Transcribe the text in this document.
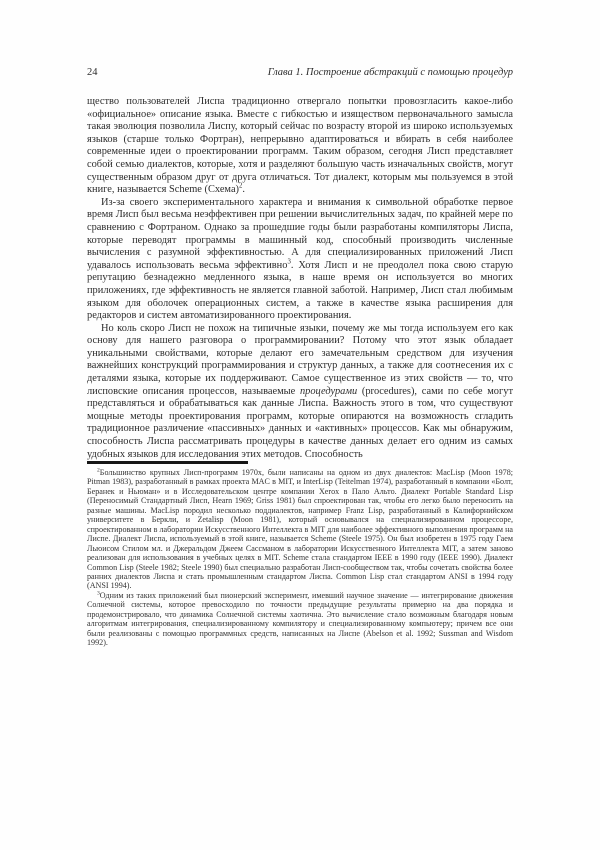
24	Глава 1. Построение абстракций с помощью процедур

щество пользователей Лиспа традиционно отвергало попытки провозгласить какое-либо «официальное» описание языка. Вместе с гибкостью и изяществом первоначального замысла такая эволюция позволила Лиспу, который сейчас по возрасту второй из широко используемых языков (старше только Фортран), непрерывно адаптироваться и вбирать в себя наиболее современные идеи о проектировании программ. Таким образом, сегодня Лисп представляет собой семью диалектов, которые, хотя и разделяют большую часть изначальных свойств, могут существенным образом друг от друга отличаться. Тот диалект, которым мы пользуемся в этой книге, называется Scheme (Схема)$^2$.

Из-за своего экспериментального характера и внимания к символьной обработке первое время Лисп был весьма неэффективен при решении вычислительных задач, по крайней мере по сравнению с Фортраном. Однако за прошедшие годы были разработаны компиляторы Лиспа, которые переводят программы в машинный код, способный производить численные вычисления с разумной эффективностью. А для специализированных приложений Лисп удавалось использовать весьма эффективно$^3$. Хотя Лисп и не преодолел пока свою старую репутацию безнадежно медленного языка, в наше время он используется во многих приложениях, где эффективность не является главной заботой. Например, Лисп стал любимым языком для оболочек операционных систем, а также в качестве языка расширения для редакторов и систем автоматизированного проектирования.

Но коль скоро Лисп не похож на типичные языки, почему же мы тогда используем его как основу для нашего разговора о программировании? Потому что этот язык обладает уникальными свойствами, которые делают его замечательным средством для изучения важнейших конструкций программирования и структур данных, а также для соотнесения их с деталями языка, которые их поддерживают. Самое существенное из этих свойств — то, что лисповские описания процессов, называемые процедурами (procedures), сами по себе могут представляться и обрабатываться как данные Лиспа. Важность этого в том, что существуют мощные методы проектирования программ, которые опираются на возможность сгладить традиционное различение «пассивных» данных и «активных» процессов. Как мы обнаружим, способность Лиспа рассматривать процедуры в качестве данных делает его одним из самых удобных языков для исследования этих методов. Способность

$^2$Большинство крупных Лисп-программ 1970х, были написаны на одном из двух диалектов: MacLisp (Moon 1978; Pitman 1983), разработанный в рамках проекта MAC в MIT, и InterLisp (Teitelman 1974), разработанный в компании «Болт, Беранек и Ньюман» и в Исследовательском центре компании Xerox в Пало Альто. Диалект Portable Standard Lisp (Переносимый Стандартный Лисп, Hearn 1969; Griss 1981) был спроектирован так, чтобы его легко было переносить на разные машины. MacLisp породил несколько поддиалектов, например Franz Lisp, разработанный в Калифорнийском университете в Беркли, и Zetalisp (Moon 1981), который основывался на специализированном процессоре, спроектированном в лаборатории Искусственного Интеллекта в MIT для наиболее эффективного выполнения программ на Лиспе. Диалект Лиспа, используемый в этой книге, называется Scheme (Steele 1975). Он был изобретен в 1975 году Гаем Льюисом Стилом мл. и Джеральдом Джеем Сассманом в лаборатории Искусственного Интеллекта MIT, а затем заново реализован для использования в учебных целях в MIT. Scheme стала стандартом IEEE в 1990 году (IEEE 1990). Диалект Common Lisp (Steele 1982; Steele 1990) был специально разработан Лисп-сообществом так, чтобы сочетать свойства более ранних диалектов Лиспа и стать промышленным стандартом Лиспа. Common Lisp стал стандартом ANSI в 1994 году (ANSI 1994).

$^3$Одним из таких приложений был пионерский эксперимент, имевший научное значение — интегрирование движения Солнечной системы, которое превосходило по точности предыдущие результаты примерно на два порядка и продемонстрировало, что динамика Солнечной системы хаотична. Это вычисление стало возможным благодаря новым алгоритмам интегрирования, специализированному компилятору и специализированному компьютеру; причем все они были реализованы с помощью программных средств, написанных на Лиспе (Abelson et al. 1992; Sussman and Wisdom 1992).
